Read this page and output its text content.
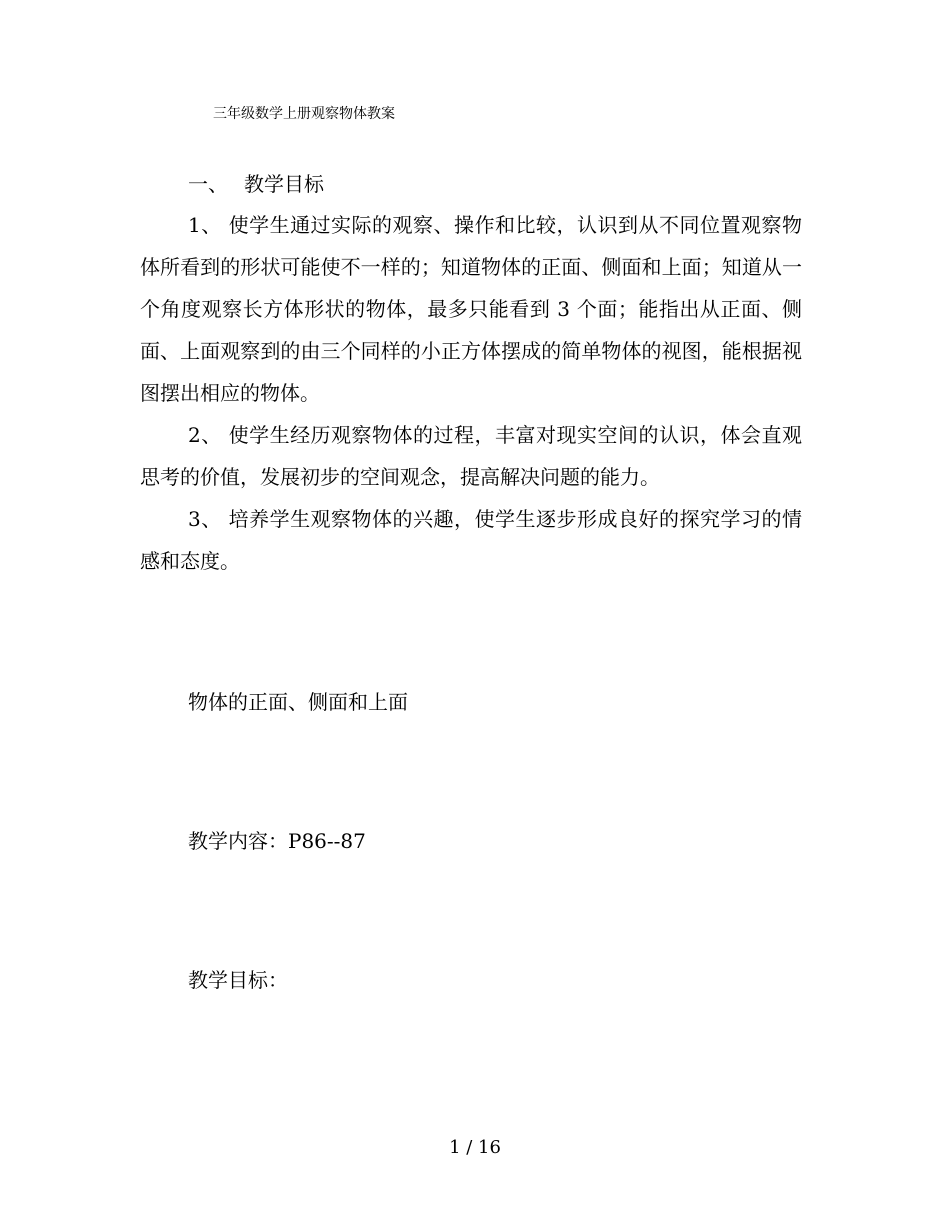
三年级数学上册观察物体教案
一、 教学目标

1、 使学生通过实际的观察、操作和比较，认识到从不同位置观察物体所看到的形状可能使不一样的；知道物体的正面、侧面和上面；知道从一个角度观察长方体形状的物体，最多只能看到 3 个面；能指出从正面、侧面、上面观察到的由三个同样的小正方体摆成的简单物体的视图，能根据视图摆出相应的物体。

2、 使学生经历观察物体的过程，丰富对现实空间的认识，体会直观思考的价值，发展初步的空间观念，提高解决问题的能力。

3、 培养学生观察物体的兴趣，使学生逐步形成良好的探究学习的情感和态度。

物体的正面、侧面和上面
教学内容：P86--87
教学目标：
1 / 16
